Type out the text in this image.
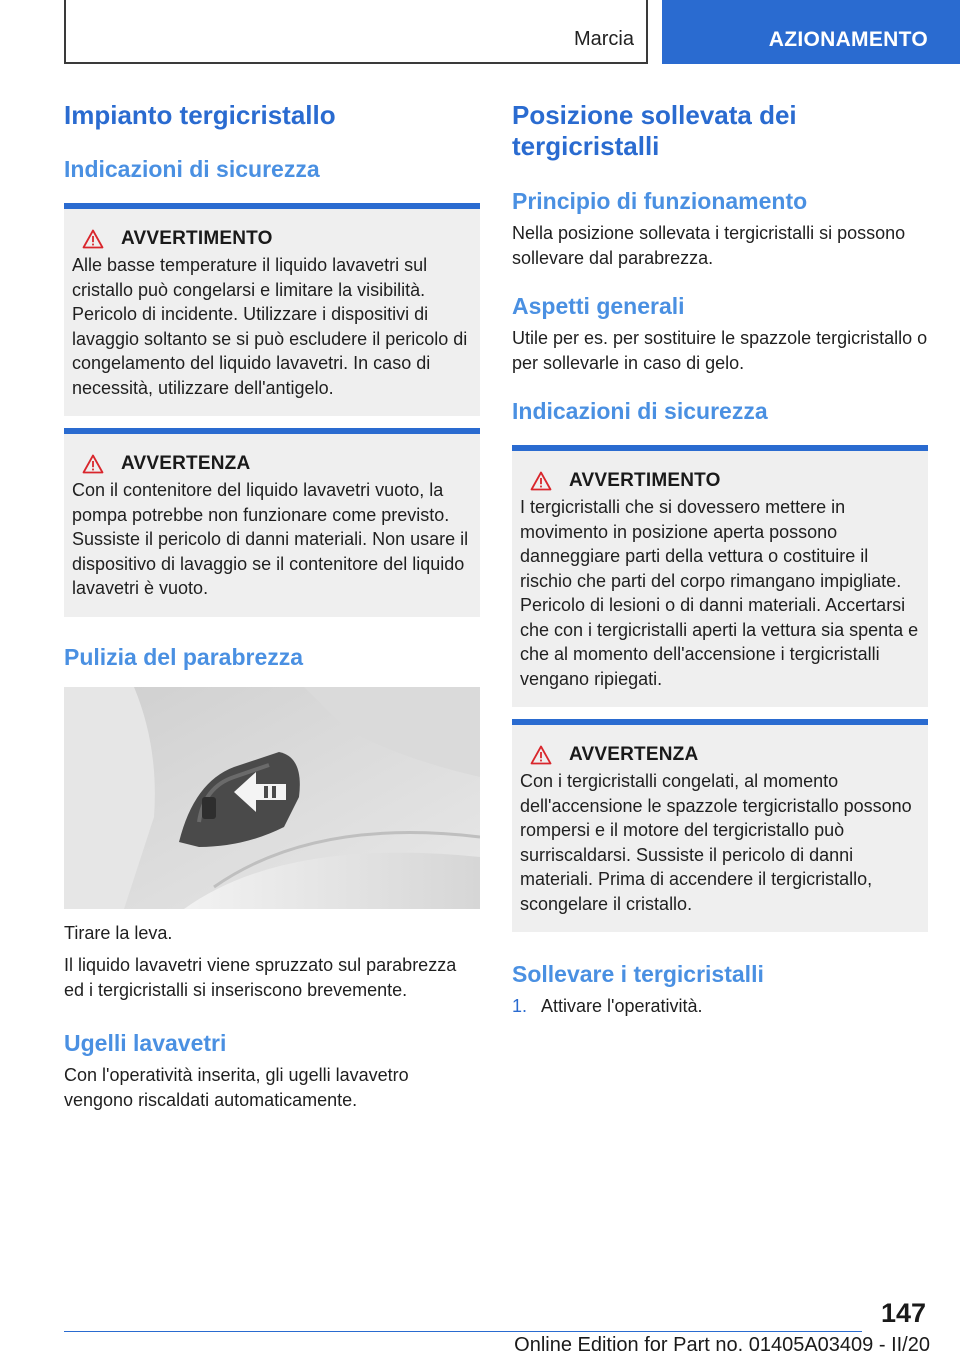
Marcia	AZIONAMENTO
Impianto tergicristallo
Indicazioni di sicurezza
AVVERTIMENTO

Alle basse temperature il liquido lavavetri sul cristallo può congelarsi e limitare la visibilità. Pericolo di incidente. Utilizzare i dispositivi di lavaggio soltanto se si può escludere il pericolo di congelamento del liquido lavavetri. In caso di necessità, utilizzare dell'antigelo.

AVVERTENZA

Con il contenitore del liquido lavavetri vuoto, la pompa potrebbe non funzionare come previsto. Sussiste il pericolo di danni materiali. Non usare il dispositivo di lavaggio se il contenitore del liquido lavavetri è vuoto.

Pulizia del parabrezza

Tirare la leva.

Il liquido lavavetri viene spruzzato sul parabrezza ed i tergicristalli si inseriscono brevemente.

Ugelli lavavetri

Con l'operatività inserita, gli ugelli lavavetro vengono riscaldati automaticamente.

Posizione sollevata dei tergicristalli
Principio di funzionamento

Nella posizione sollevata i tergicristalli si possono sollevare dal parabrezza.

Aspetti generali

Utile per es. per sostituire le spazzole tergicristallo o per sollevarle in caso di gelo.

Indicazioni di sicurezza
AVVERTIMENTO

I tergicristalli che si dovessero mettere in movimento in posizione aperta possono danneggiare parti della vettura o costituire il rischio che parti del corpo rimangano impigliate. Pericolo di lesioni o di danni materiali. Accertarsi che con i tergicristalli aperti la vettura sia spenta e che al momento dell'accensione i tergicristalli vengano ripiegati.

AVVERTENZA

Con i tergicristalli congelati, al momento dell'accensione le spazzole tergicristallo possono rompersi e il motore del tergicristallo può surriscaldarsi. Sussiste il pericolo di danni materiali. Prima di accendere il tergicristallo, scongelare il cristallo.

Sollevare i tergicristalli
1. Attivare l'operatività.

147
Online Edition for Part no. 01405A03409 - II/20
